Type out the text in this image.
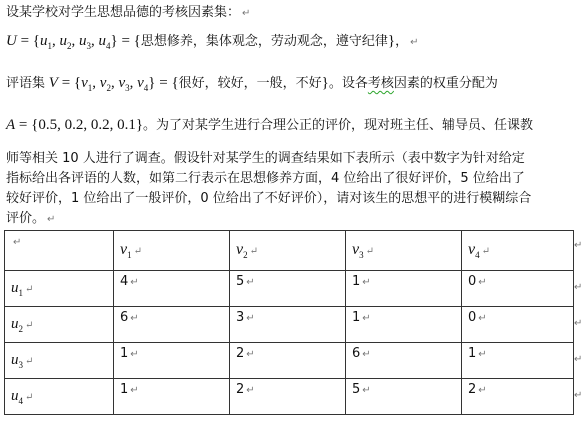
设某学校对学生思想品德的考核因素集： ↵
$U = \{u_1$, $u_2$, $u_3$, $u_4$} = {思想修养，集体观念，劳动观念，遵守纪律}， ↵
评语集 $V = \{v_1$, $v_2$, $v_3$, $v_4$} = {很好，较好，一般，不好}。设各考核因素的权重分配为
A = {0.5, 0.2, 0.2, 0.1}。为了对某学生进行合理公正的评价，现对班主任、辅导员、任课教
师等相关 10 人进行了调查。假设针对某学生的调查结果如下表所示（表中数字为针对给定
指标给出各评语的人数，如第二行表示在思想修养方面，4 位给出了很好评价，5 位给出了
较好评价，1 位给出了一般评价，0 位给出了不好评价），请对该生的思想平的进行模糊综合
评价。 ↵
↵	$v_1$ ↵	$v_2$ ↵	$v_3$ ↵	$v_4$ ↵
$u_1$ ↵	4 ↵	5 ↵	1 ↵	0 ↵
$u_2$ ↵	6 ↵	3 ↵	1 ↵	0 ↵
$u_3$ ↵	1 ↵	2 ↵	6 ↵	1 ↵
$u_4$ ↵	1 ↵	2 ↵	5 ↵	2 ↵
↵
↵
↵
↵
↵
